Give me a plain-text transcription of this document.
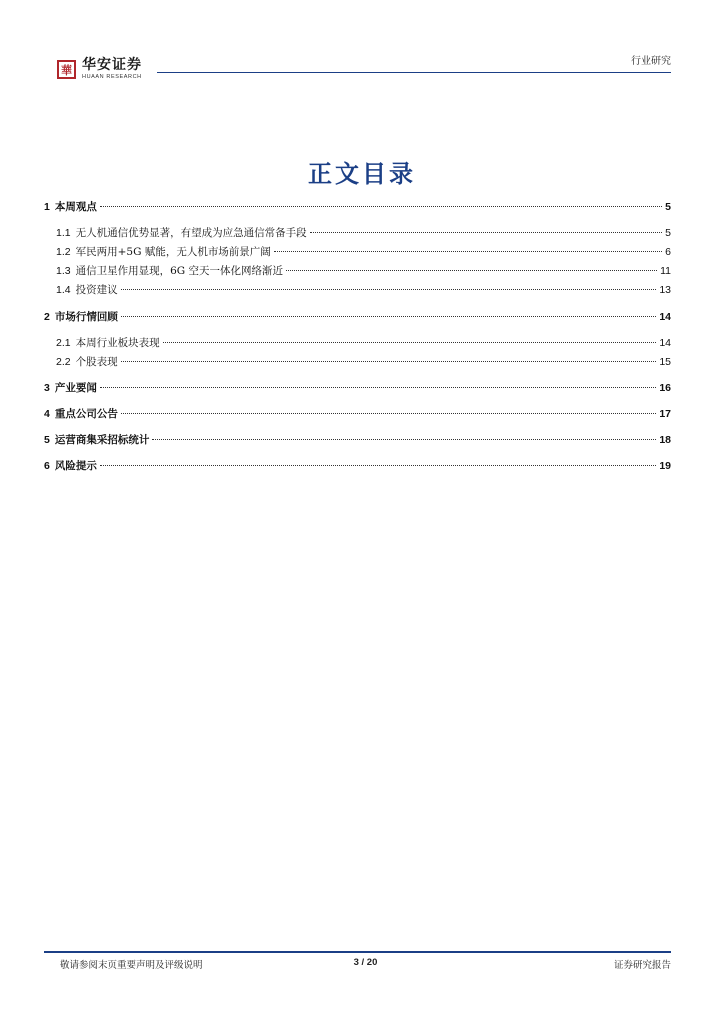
華 华安证券
HUAAN RESEARCH
行业研究
正文目录
1 本周观点	5
1.1 无人机通信优势显著，有望成为应急通信常备手段	5
1.2 军民两用+5G 赋能，无人机市场前景广阔	6
1.3 通信卫星作用显现，6G 空天一体化网络渐近	11
1.4 投资建议	13
2 市场行情回顾	14
2.1 本周行业板块表现	14
2.2 个股表现	15
3 产业要闻	16
4 重点公司公告	17
5 运营商集采招标统计	18
6 风险提示	19
敬请参阅末页重要声明及评级说明	3 / 20	证券研究报告
